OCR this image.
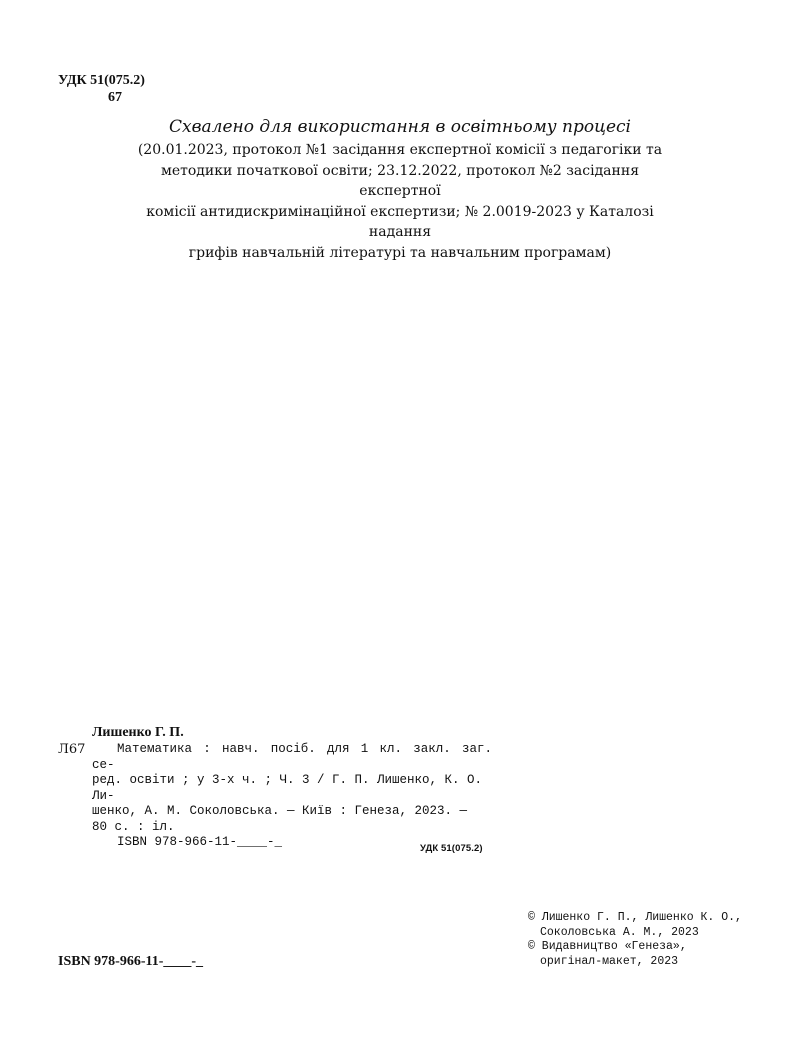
УДК 51(075.2)
67
Схвалено для використання в освітньому процесі
(20.01.2023, протокол №1 засідання експертної комісії з педагогіки та
методики початкової освіти; 23.12.2022, протокол №2 засідання експертної
комісії антидискримінаційної експертизи; № 2.0019-2023 у Каталозі надання
грифів навчальній літературі та навчальним програмам)
Лишенко Г. П.
Л67	Математика : навч. посіб. для 1 кл. закл. заг. се-
ред. освіти ; у 3-х ч. ; Ч. 3 / Г. П. Лишенко, К. О. Ли-
шенко, А. М. Соколовська. — Київ : Генеза, 2023. —
80 с. : іл.
ISBN 978-966-11-____-_	УДК 51(075.2)
© Лишенко Г. П., Лишенко К. О.,
Соколовська А. М., 2023
© Видавництво «Генеза»,
оригінал-макет, 2023
ISBN 978-966-11-____-_
